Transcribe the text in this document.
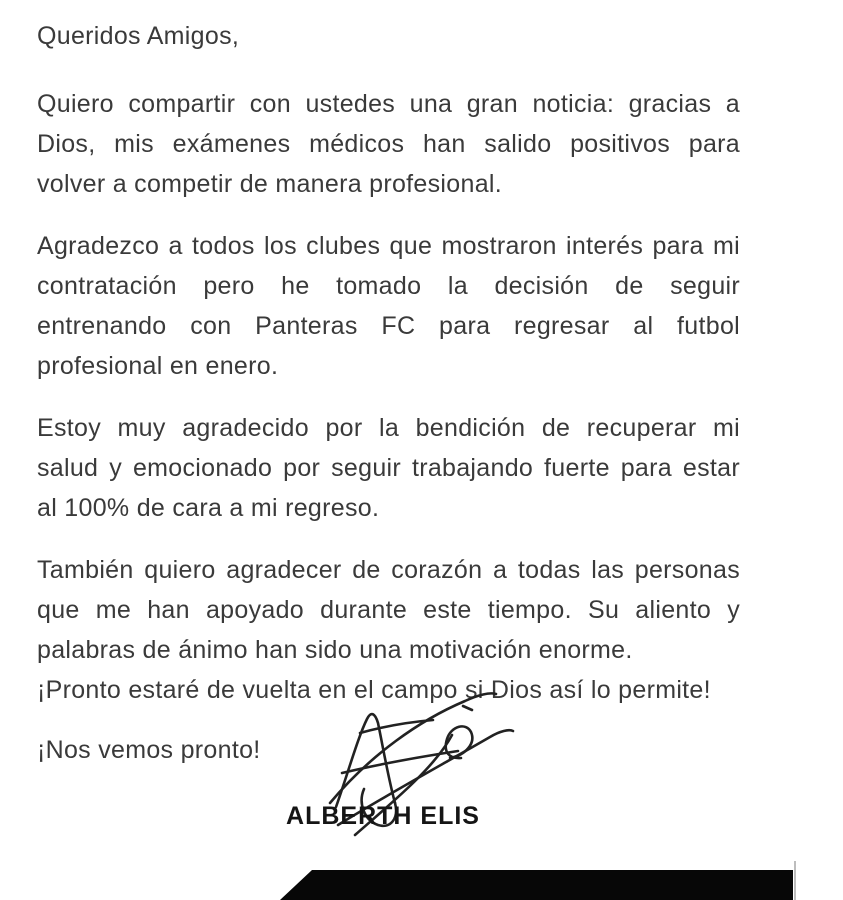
Queridos Amigos,
Quiero compartir con ustedes una gran noticia: gracias a
Dios, mis exámenes médicos han salido positivos para
volver a competir de manera profesional.
Agradezco a todos los clubes que mostraron interés para mi
contratación pero he tomado la decisión de seguir
entrenando con Panteras FC para regresar al futbol
profesional en enero.
Estoy muy agradecido por la bendición de recuperar mi
salud y emocionado por seguir trabajando fuerte para estar
al 100% de cara a mi regreso.
También quiero agradecer de corazón a todas las personas
que me han apoyado durante este tiempo. Su aliento y
palabras de ánimo han sido una motivación enorme.
¡Pronto estaré de vuelta en el campo si Dios así lo permite!
¡Nos vemos pronto!
ALBERTH ELIS
